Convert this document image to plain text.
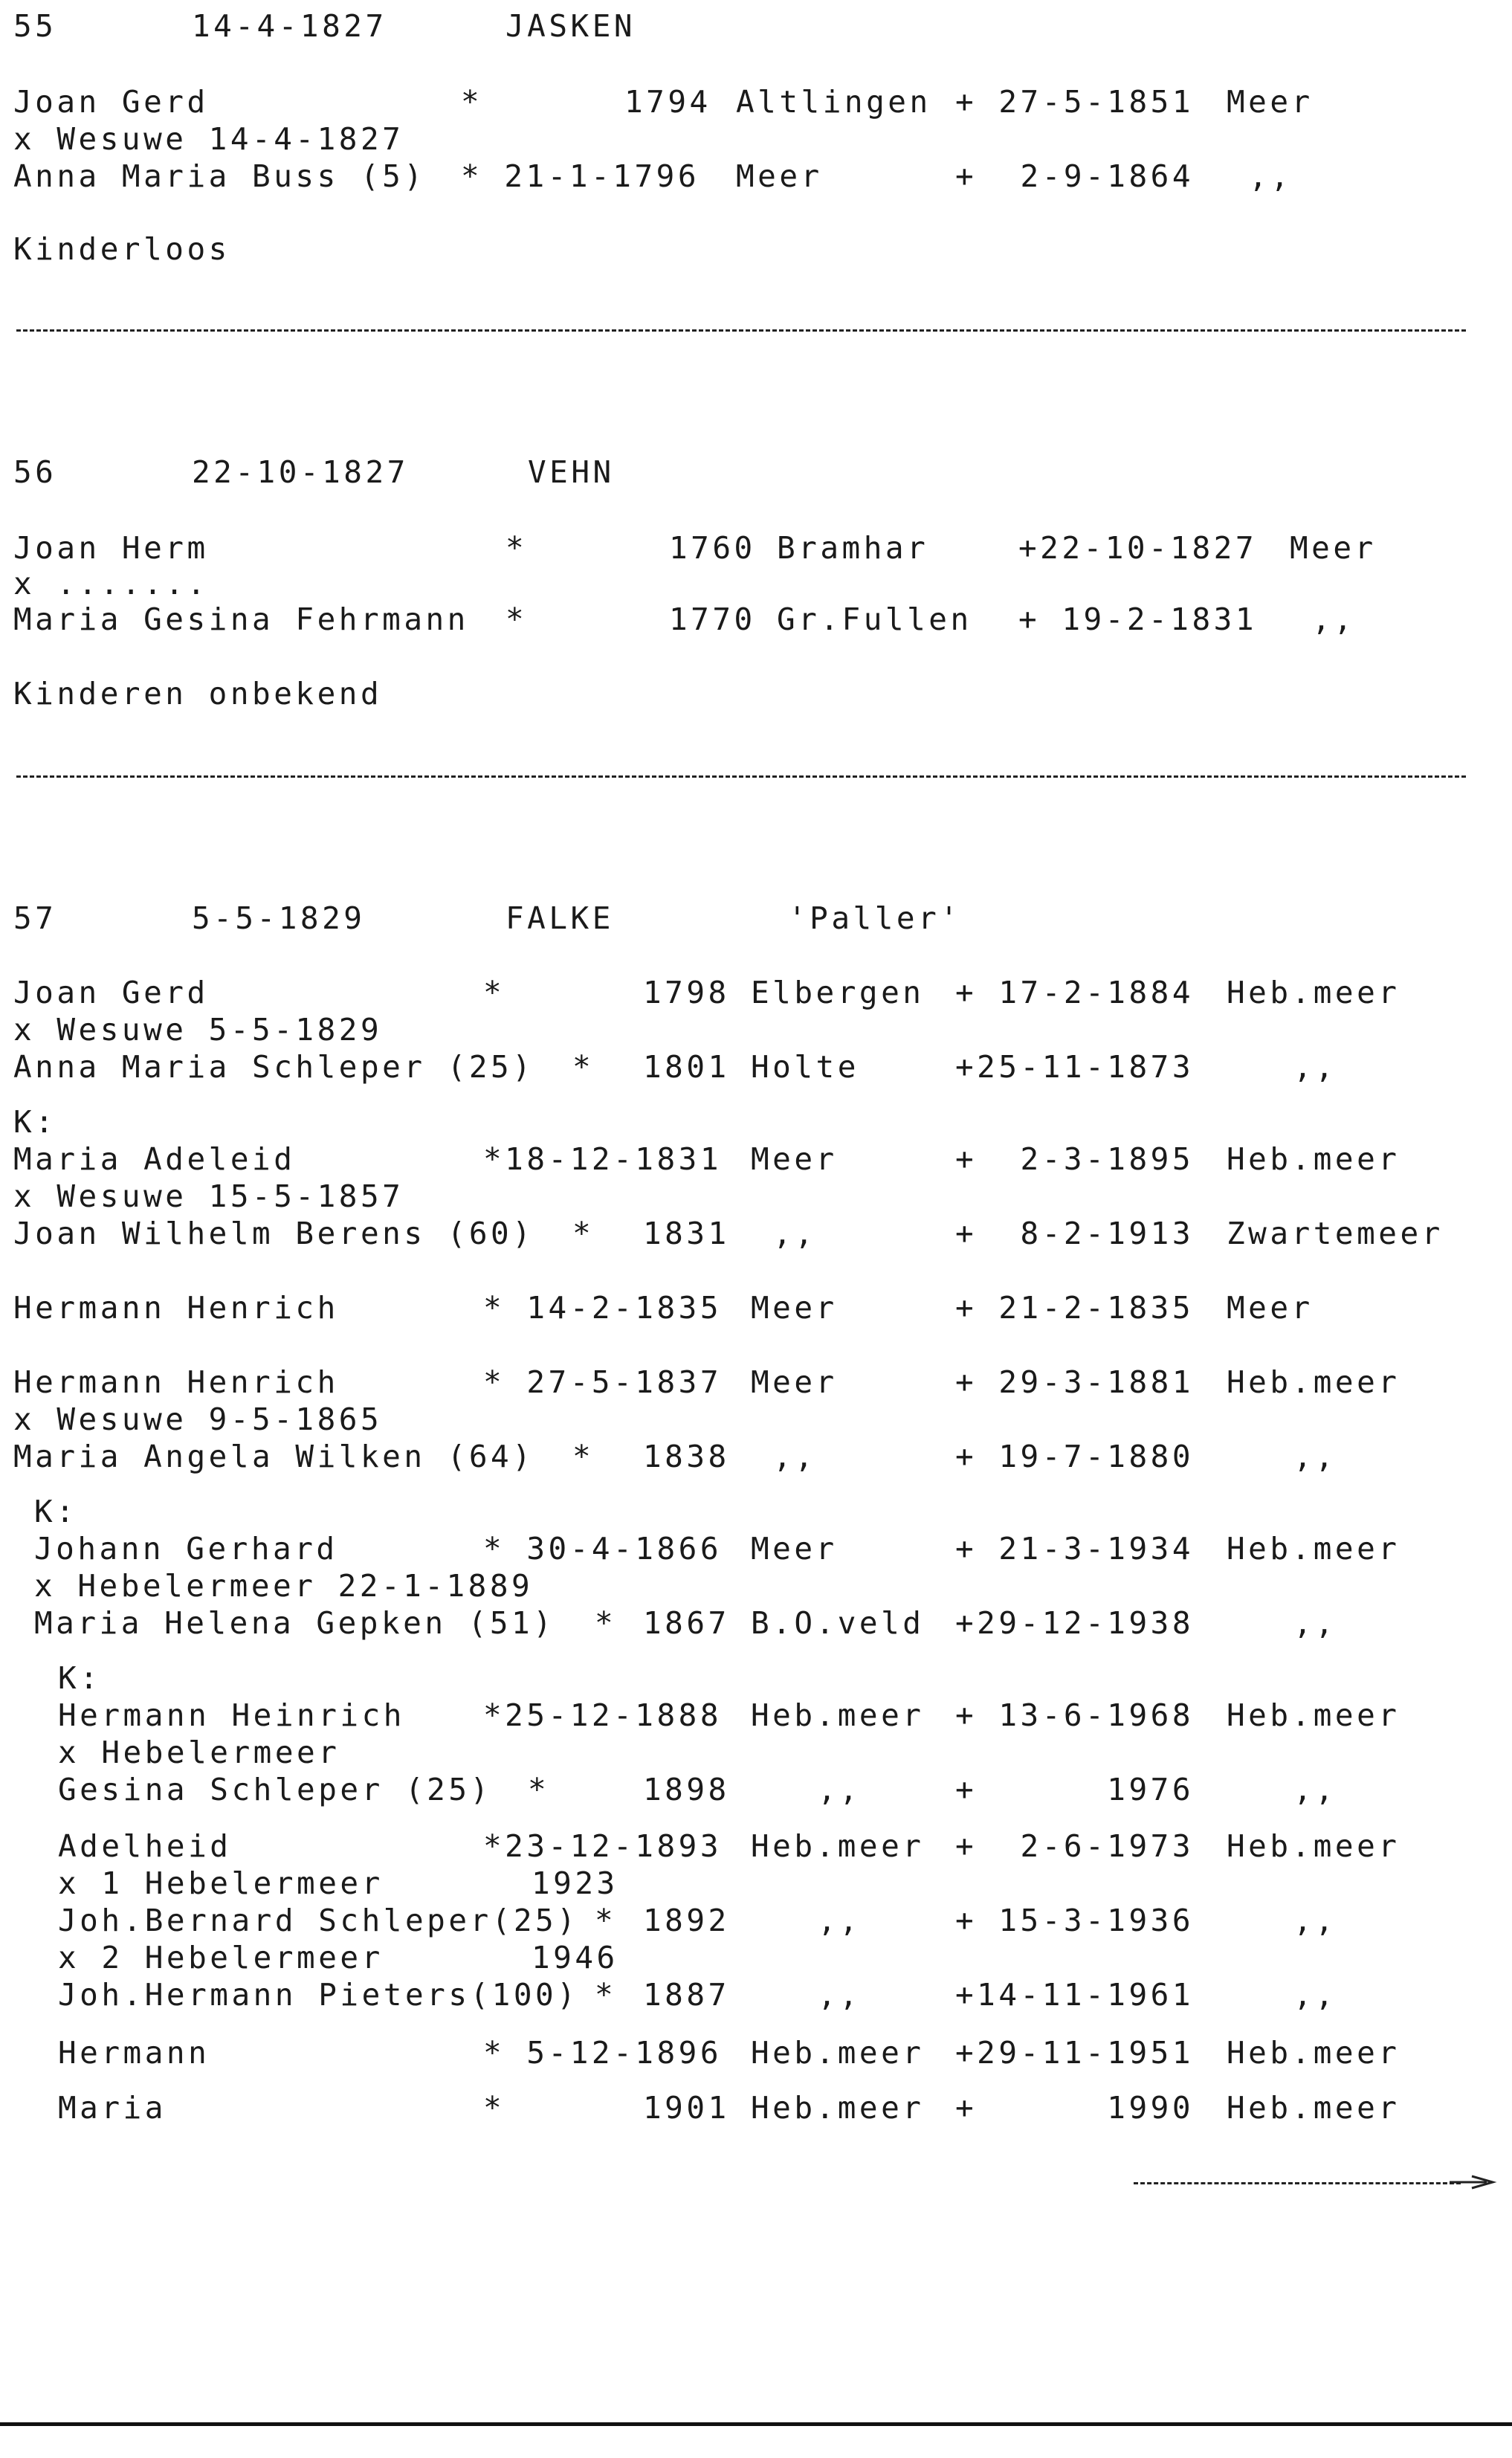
55	14-4-1827	JASKEN
Joan Gerd	*	1794 Altlingen + 27-5-1851 Meer
x Wesuwe 14-4-1827
Anna Maria Buss (5) * 21-1-1796 Meer	+  2-9-1864 ,,
Kinderloos
56	22-10-1827	VEHN
Joan Herm	*	1760 Bramhar	+22-10-1827 Meer
x .......
Maria Gesina Fehrmann *	1770 Gr.Fullen + 19-2-1831 ,,
Kinderen onbekend
57	5-5-1829	FALKE	'Paller'
Joan Gerd	*	1798 Elbergen + 17-2-1884 Heb.meer
x Wesuwe 5-5-1829
Anna Maria Schleper (25) * 1801 Holte	+25-11-1873	,,
K:
Maria Adeleid	*18-12-1831 Meer	+  2-3-1895 Heb.meer
x Wesuwe 15-5-1857
Joan Wilhelm Berens (60) * 1831 ,,	+  8-2-1913 Zwartemeer
Hermann Henrich	* 14-2-1835 Meer	+ 21-2-1835 Meer
Hermann Henrich	* 27-5-1837 Meer	+ 29-3-1881 Heb.meer
x Wesuwe 9-5-1865
Maria Angela Wilken (64) * 1838 ,,	+ 19-7-1880	,,
K:
Johann Gerhard	* 30-4-1866 Meer	+ 21-3-1934 Heb.meer
x Hebelermeer 22-1-1889
Maria Helena Gepken (51) * 1867 B.O.veld +29-12-1938	,,
K:
Hermann Heinrich	*25-12-1888 Heb.meer + 13-6-1968 Heb.meer
x Hebelermeer
Gesina Schleper (25) *	1898	,,	+      1976	,,
Adelheid	*23-12-1893 Heb.meer +  2-6-1973 Heb.meer
x 1 Hebelermeer	1923
Joh.Bernard Schleper(25) * 1892	,,	+ 15-3-1936	,,
x 2 Hebelermeer	1946
Joh.Hermann Pieters(100) * 1887	,,	+14-11-1961	,,
Hermann	* 5-12-1896 Heb.meer +29-11-1951 Heb.meer
Maria	*	1901 Heb.meer +      1990 Heb.meer
